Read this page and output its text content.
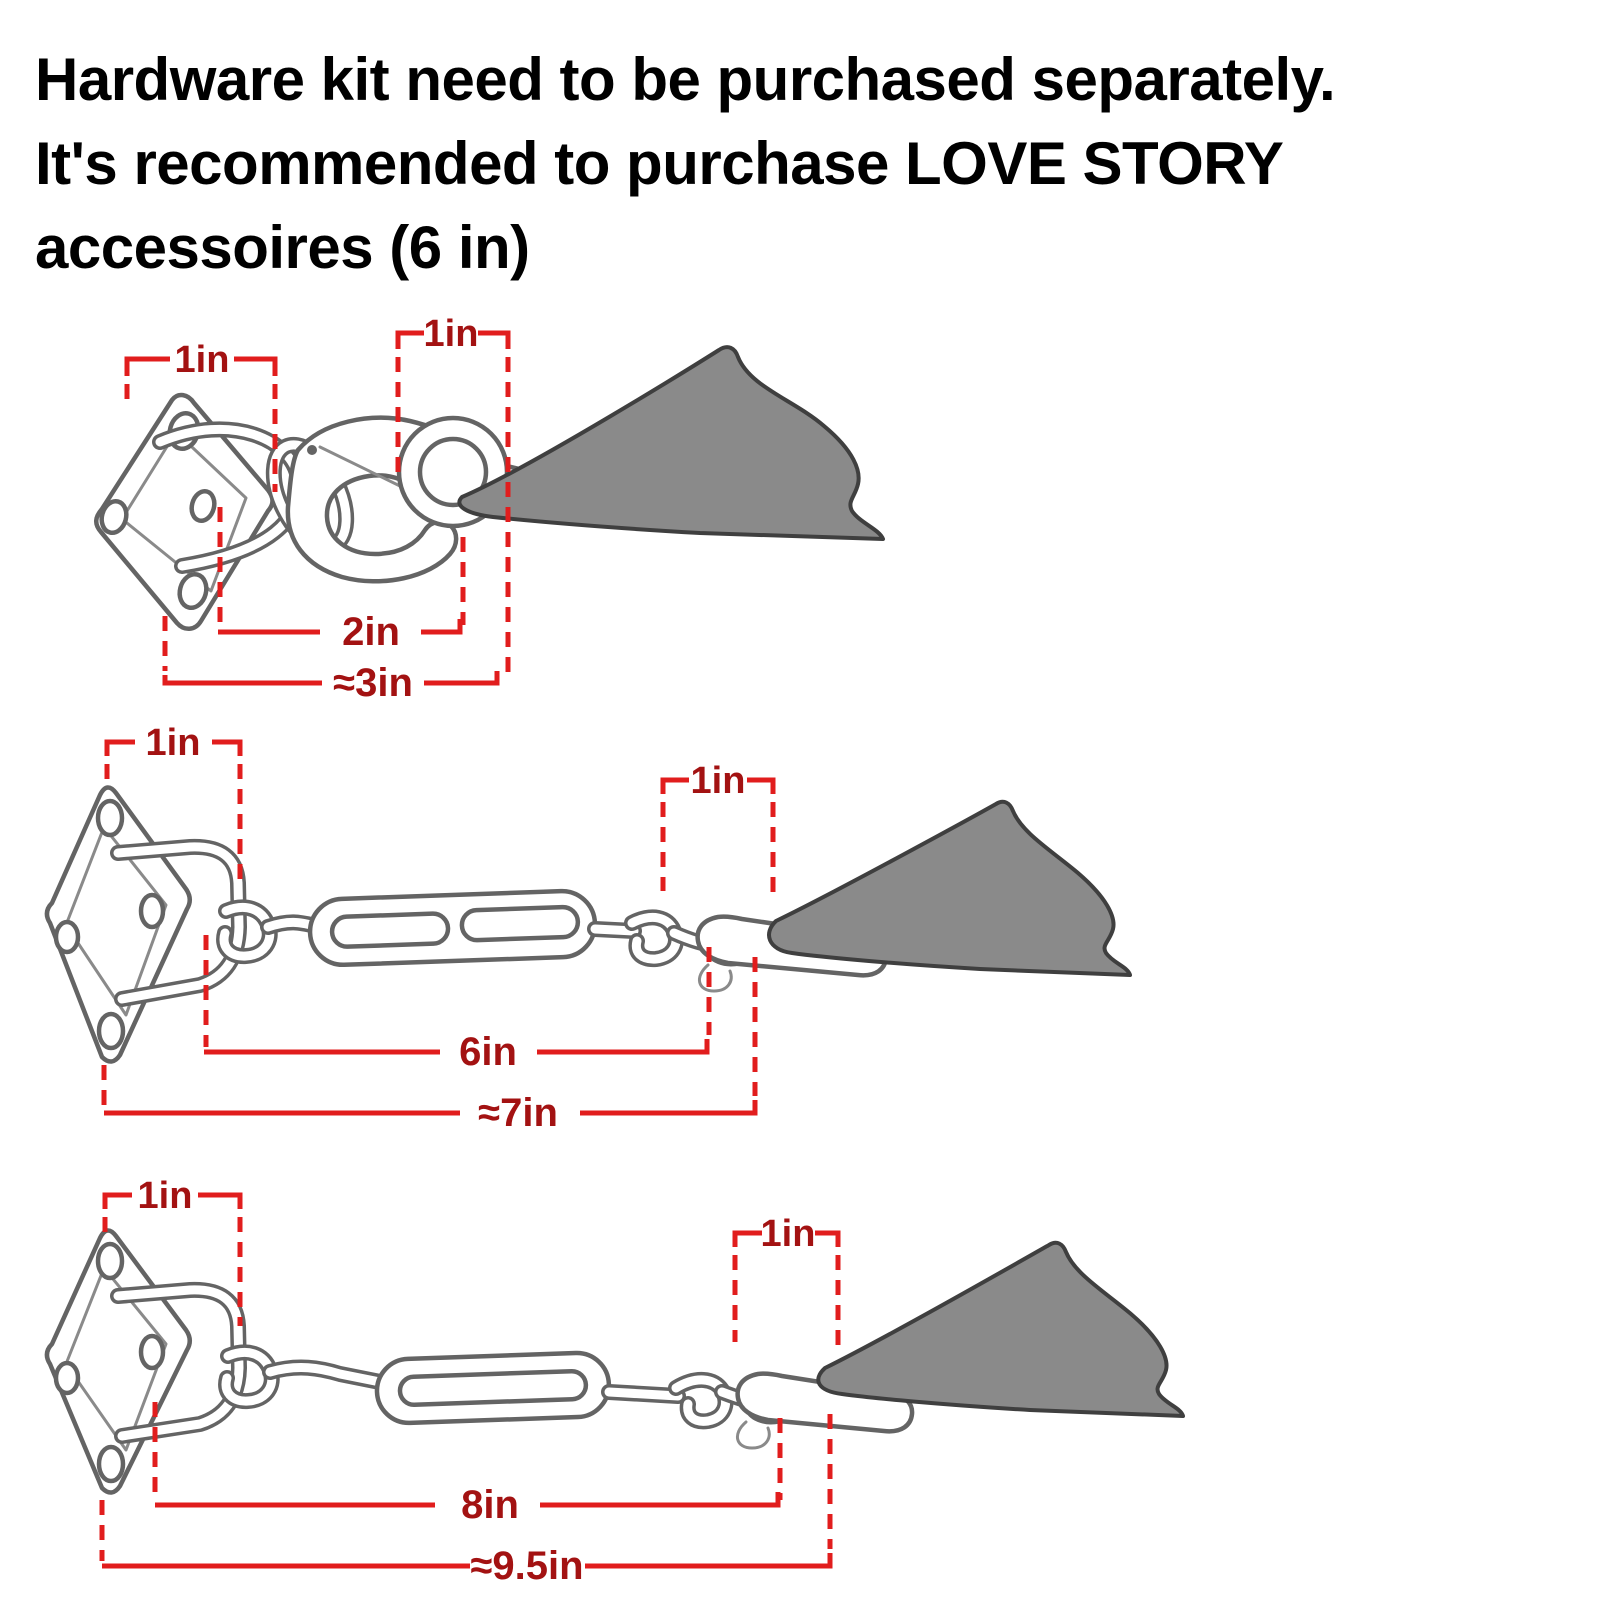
Hardware kit need to be purchased separately.
It's recommended to purchase LOVE STORY
accessoires (6 in)
1in
1in
2in
≈3in
1in
1in
6in
≈7in
1in
1in
8in
≈9.5in
